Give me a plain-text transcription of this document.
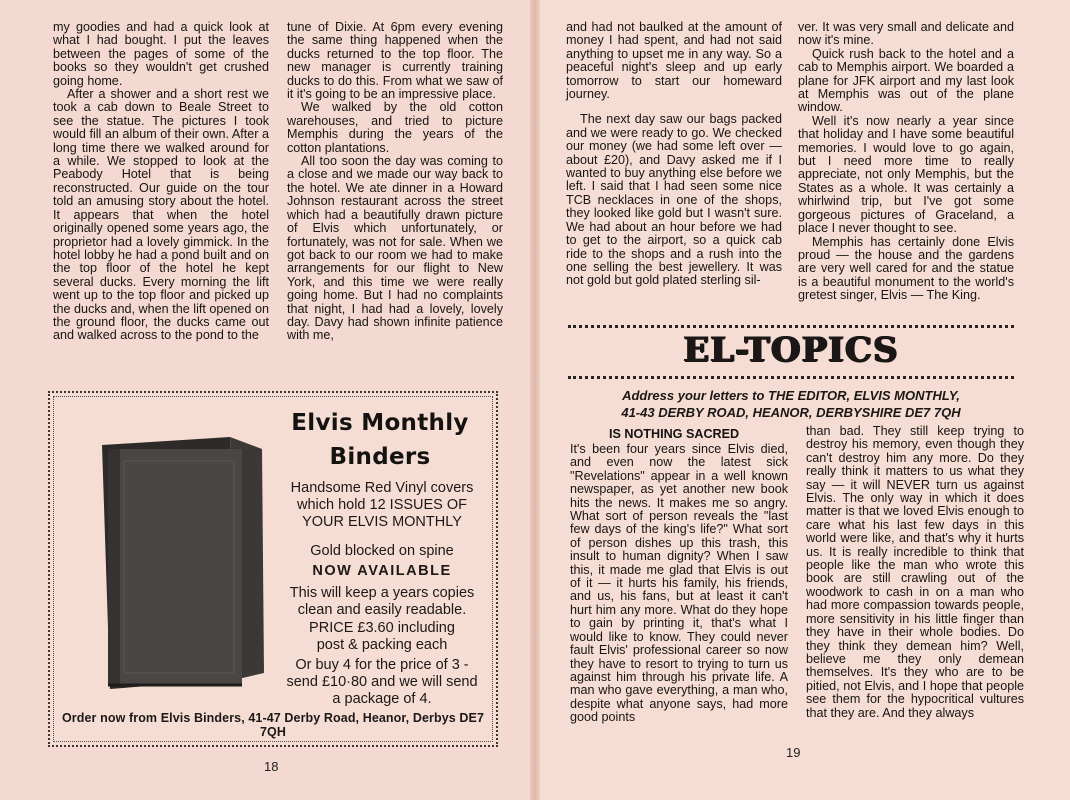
my goodies and had a quick look at what I had bought. I put the leaves between the pages of some of the books so they wouldn't get crushed going home.

After a shower and a short rest we took a cab down to Beale Street to see the statue. The pictures I took would fill an album of their own. After a long time there we walked around for a while. We stopped to look at the Peabody Hotel that is being reconstructed. Our guide on the tour told an amusing story about the hotel. It appears that when the hotel originally opened some years ago, the proprietor had a lovely gimmick. In the hotel lobby he had a pond built and on the top floor of the hotel he kept several ducks. Every morning the lift went up to the top floor and picked up the ducks and, when the lift opened on the ground floor, the ducks came out and walked across to the pond to the

tune of Dixie. At 6pm every evening the same thing happened when the ducks returned to the top floor. The new manager is currently training ducks to do this. From what we saw of it it's going to be an impressive place.

We walked by the old cotton warehouses, and tried to picture Memphis during the years of the cotton plantations.

All too soon the day was coming to a close and we made our way back to the hotel. We ate dinner in a Howard Johnson restaurant across the street which had a beautifully drawn picture of Elvis which unfortunately, or fortunately, was not for sale. When we got back to our room we had to make arrangements for our flight to New York, and this time we were really going home. But I had no complaints that night, I had had a lovely, lovely day. Davy had shown infinite patience with me,

Elvis Monthly
Binders
Handsome Red Vinyl covers
which hold 12 ISSUES OF
YOUR ELVIS MONTHLY
Gold blocked on spine
NOW AVAILABLE
This will keep a years copies
clean and easily readable.
PRICE £3.60 including
post & packing each
Or buy 4 for the price of 3 -
send £10·80 and we will send
a package of 4.
Order now from Elvis Binders, 41-47 Derby Road, Heanor, Derbys DE7 7QH
18

and had not baulked at the amount of money I had spent, and had not said anything to upset me in any way. So a peaceful night's sleep and up early tomorrow to start our homeward journey.

The next day saw our bags packed and we were ready to go. We checked our money (we had some left over — about £20), and Davy asked me if I wanted to buy anything else before we left. I said that I had seen some nice TCB necklaces in one of the shops, they looked like gold but I wasn't sure. We had about an hour before we had to get to the airport, so a quick cab ride to the shops and a rush into the one selling the best jewellery. It was not gold but gold plated sterling sil-

ver. It was very small and delicate and now it's mine.

Quick rush back to the hotel and a cab to Memphis airport. We boarded a plane for JFK airport and my last look at Memphis was out of the plane window.

Well it's now nearly a year since that holiday and I have some beautiful memories. I would love to go again, but I need more time to really appreciate, not only Memphis, but the States as a whole. It was certainly a whirlwind trip, but I've got some gorgeous pictures of Graceland, a place I never thought to see.

Memphis has certainly done Elvis proud — the house and the gardens are very well cared for and the statue is a beautiful monument to the world's gretest singer, Elvis — The King.

EL-TOPICS
Address your letters to THE EDITOR, ELVIS MONTHLY,
41-43 DERBY ROAD, HEANOR, DERBYSHIRE DE7 7QH
IS NOTHING SACRED

It's been four years since Elvis died, and even now the latest sick "Revelations" appear in a well known newspaper, as yet another new book hits the news. It makes me so angry. What sort of person reveals the "last few days of the king's life?" What sort of person dishes up this trash, this insult to human dignity? When I saw this, it made me glad that Elvis is out of it — it hurts his family, his friends, and us, his fans, but at least it can't hurt him any more. What do they hope to gain by printing it, that's what I would like to know. They could never fault Elvis' professional career so now they have to resort to trying to turn us against him through his private life. A man who gave everything, a man who, despite what anyone says, had more good points

than bad. They still keep trying to destroy his memory, even though they can't destroy him any more. Do they really think it matters to us what they say — it will NEVER turn us against Elvis. The only way in which it does matter is that we loved Elvis enough to care what his last few days in this world were like, and that's why it hurts us. It is really incredible to think that people like the man who wrote this book are still crawling out of the woodwork to cash in on a man who had more compassion towards people, more sensitivity in his little finger than they have in their whole bodies. Do they think they demean him? Well, believe me they only demean themselves. It's they who are to be pitied, not Elvis, and I hope that people see them for the hypocritical vultures that they are. And they always

19
